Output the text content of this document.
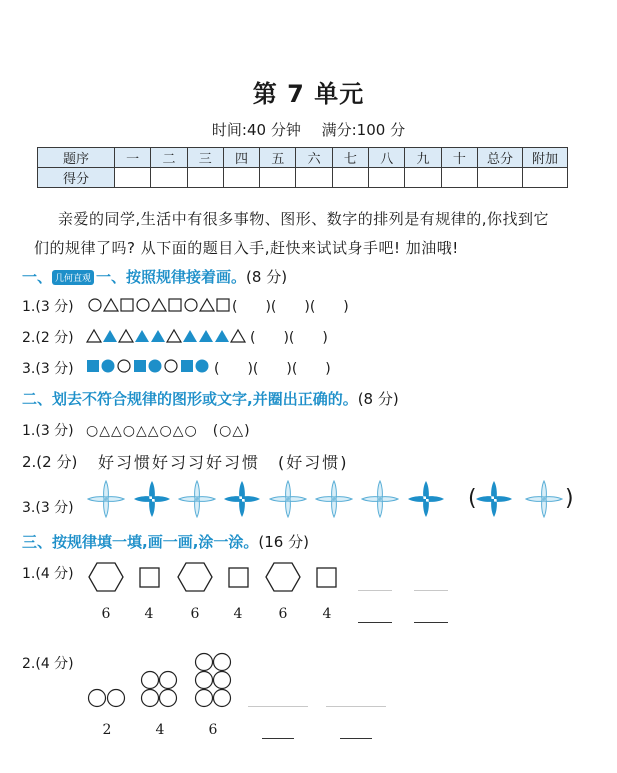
第 7 单元
时间:40 分钟 满分:100 分
题序	一	二	三	四	五	六	七	八	九	十	总分	附加
得分												
亲爱的同学,生活中有很多事物、图形、数字的排列是有规律的,你找到它
们的规律了吗? 从下面的题目入手,赶快来试试身手吧! 加油哦!
一、 几何直观 一、按照规律接着画。(8 分)
1.(3 分)	(　　)(　　)(　　)
2.(2 分)	(　　)(　　)
3.(3 分)	(　　)(　　)(　　)
二、划去不符合规律的图形或文字,并圈出正确的。(8 分)
1.(3 分) ○△△○△△○△○　(○△)
2.(2 分) 好习惯好习习好习惯　(好习惯)
3.(3 分)	(	)
三、按规律填一填,画一画,涂一涂。(16 分)
1.(4 分)
6	4	6	4	6	4
2.(4 分)
2	4	6
